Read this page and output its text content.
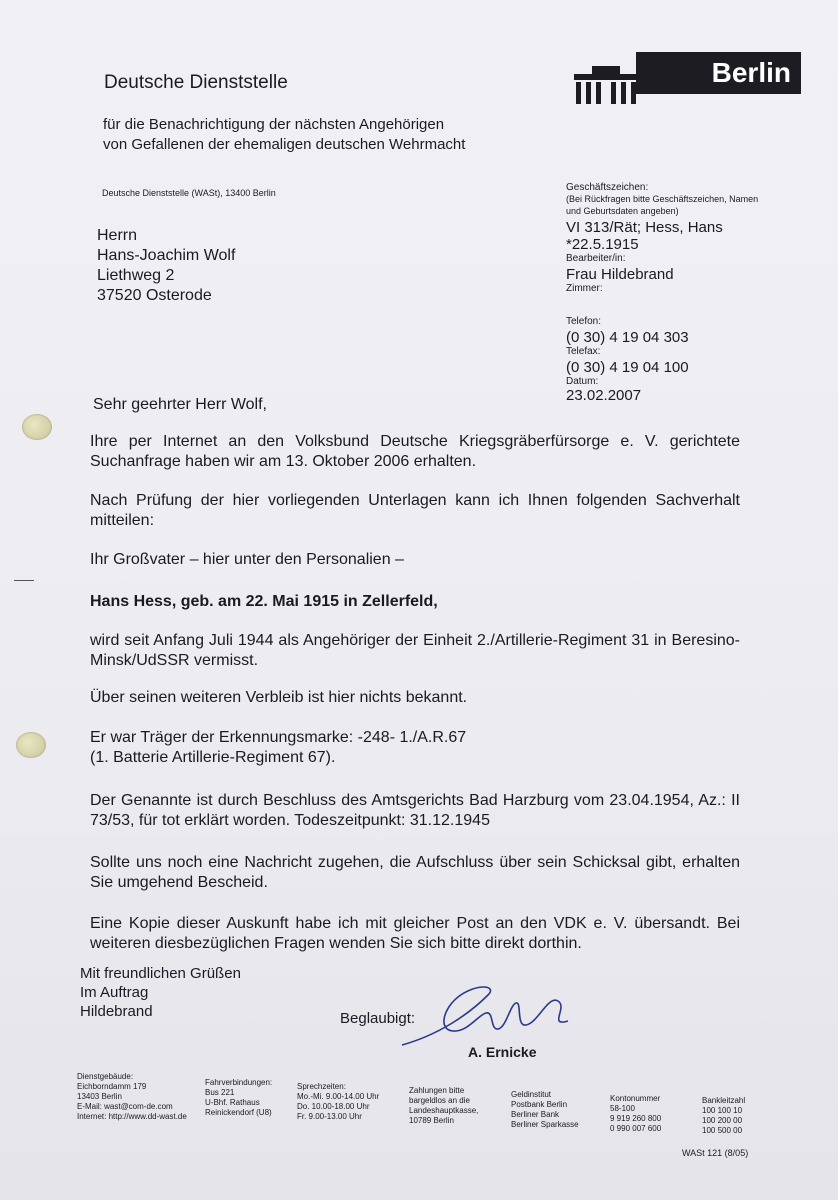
Deutsche Dienststelle
für die Benachrichtigung der nächsten Angehörigen
von Gefallenen der ehemaligen deutschen Wehrmacht
Berlin
Deutsche Dienststelle (WASt), 13400 Berlin
Herrn
Hans-Joachim Wolf
Liethweg 2
37520 Osterode
Geschäftszeichen:
(Bei Rückfragen bitte Geschäftszeichen, Namen
und Geburtsdaten angeben)
VI 313/Rät; Hess, Hans
*22.5.1915
Bearbeiter/in:
Frau Hildebrand
Zimmer:
Telefon:
(0 30) 4 19 04 303
Telefax:
(0 30) 4 19 04 100
Datum:
23.02.2007
Sehr geehrter Herr Wolf,
Ihre per Internet an den Volksbund Deutsche Kriegsgräberfürsorge e. V. gerichtete Suchanfrage haben wir am 13. Oktober 2006 erhalten.
Nach Prüfung der hier vorliegenden Unterlagen kann ich Ihnen folgenden Sachverhalt mitteilen:
Ihr Großvater – hier unter den Personalien –
Hans Hess, geb. am 22. Mai 1915 in Zellerfeld,
wird seit Anfang Juli 1944 als Angehöriger der Einheit 2./Artillerie-Regiment 31 in Beresino-Minsk/UdSSR vermisst.
Über seinen weiteren Verbleib ist hier nichts bekannt.
Er war Träger der Erkennungsmarke: -248- 1./A.R.67
(1. Batterie Artillerie-Regiment 67).
Der Genannte ist durch Beschluss des Amtsgerichts Bad Harzburg vom 23.04.1954, Az.: II 73/53, für tot erklärt worden. Todeszeitpunkt: 31.12.1945
Sollte uns noch eine Nachricht zugehen, die Aufschluss über sein Schicksal gibt, erhalten Sie umgehend Bescheid.
Eine Kopie dieser Auskunft habe ich mit gleicher Post an den VDK e. V. übersandt. Bei weiteren diesbezüglichen Fragen wenden Sie sich bitte direkt dorthin.
Mit freundlichen Grüßen
Im Auftrag
Hildebrand	Beglaubigt:
A. Ernicke
Dienstgebäude:
Eichborndamm 179
13403 Berlin
E-Mail: wast@com-de.com
Internet: http://www.dd-wast.de
Fahrverbindungen:
Bus 221
U-Bhf. Rathaus
Reinickendorf (U8)
Sprechzeiten:
Mo.-Mi. 9.00-14.00 Uhr
Do. 10.00-18.00 Uhr
Fr. 9.00-13.00 Uhr
Zahlungen bitte
bargeldlos an die
Landeshauptkasse,
10789 Berlin
Geldinstitut
Postbank Berlin
Berliner Bank
Berliner Sparkasse
Kontonummer
58-100
9 919 260 800
0 990 007 600
Bankleitzahl
100 100 10
100 200 00
100 500 00
WASt 121 (8/05)
